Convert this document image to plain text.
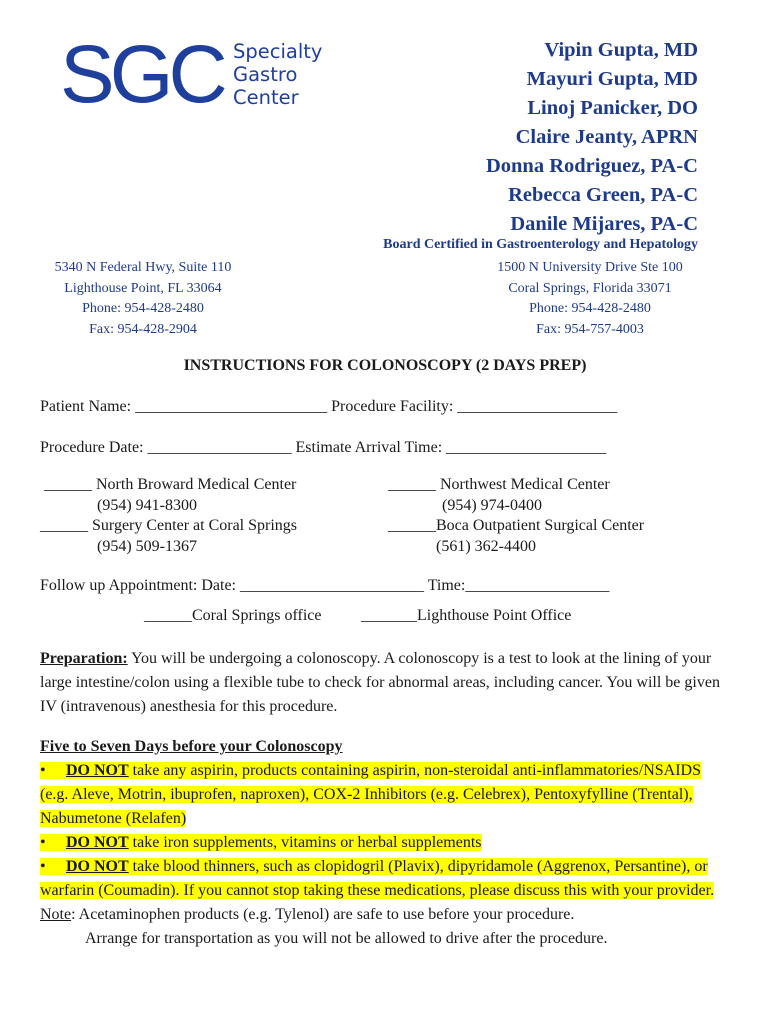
SGC Specialty
Gastro
Center
Vipin Gupta, MD
Mayuri Gupta, MD
Linoj Panicker, DO
Claire Jeanty, APRN
Donna Rodriguez, PA-C
Rebecca Green, PA-C
Danile Mijares, PA-C
Board Certified in Gastroenterology and Hepatology
5340 N Federal Hwy, Suite 110
Lighthouse Point, FL 33064
Phone: 954-428-2480
Fax: 954-428-2904
1500 N University Drive Ste 100
Coral Springs, Florida 33071
Phone: 954-428-2480
Fax: 954-757-4003
INSTRUCTIONS FOR COLONOSCOPY (2 DAYS PREP)
Patient Name: ________________________ Procedure Facility: ____________________
Procedure Date: __________________ Estimate Arrival Time: ____________________
______ North Broward Medical Center
(954) 941-8300
______ Surgery Center at Coral Springs
(954) 509-1367
______ Northwest Medical Center
(954) 974-0400
______Boca Outpatient Surgical Center
(561) 362-4400
Follow up Appointment: Date: _______________________ Time:__________________
______Coral Springs office _______Lighthouse Point Office
Preparation: You will be undergoing a colonoscopy. A colonoscopy is a test to look at the lining of your large intestine/colon using a flexible tube to check for abnormal areas, including cancer. You will be given IV (intravenous) anesthesia for this procedure.
Five to Seven Days before your Colonoscopy
• DO NOT take any aspirin, products containing aspirin, non-steroidal anti-inflammatories/NSAIDS (e.g. Aleve, Motrin, ibuprofen, naproxen), COX-2 Inhibitors (e.g. Celebrex), Pentoxyfylline (Trental), Nabumetone (Relafen)
• DO NOT take iron supplements, vitamins or herbal supplements
• DO NOT take blood thinners, such as clopidogril (Plavix), dipyridamole (Aggrenox, Persantine), or warfarin (Coumadin). If you cannot stop taking these medications, please discuss this with your provider.
Note: Acetaminophen products (e.g. Tylenol) are safe to use before your procedure.
Arrange for transportation as you will not be allowed to drive after the procedure.
